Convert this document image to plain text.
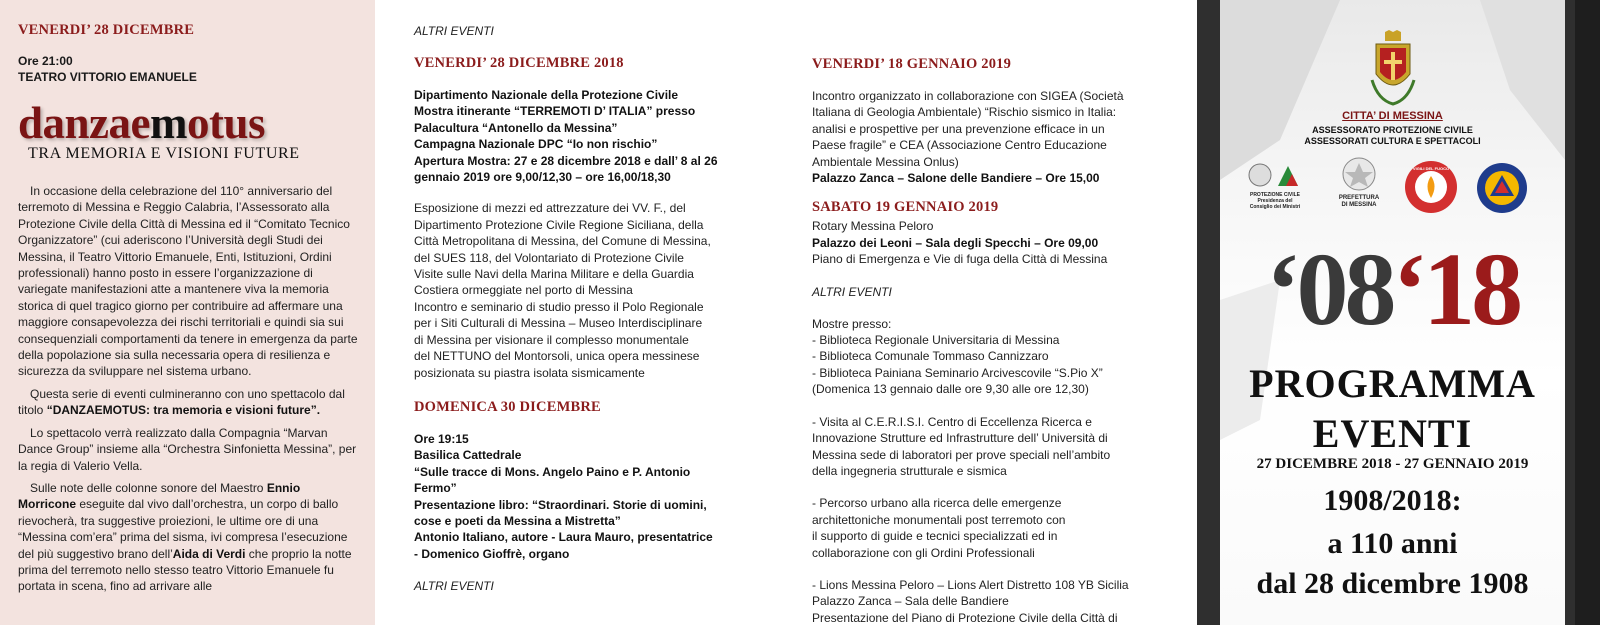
VENERDI’ 28 DICEMBRE
Ore 21:00
TEATRO VITTORIO EMANUELE
danzaemotus
TRA MEMORIA E VISIONI FUTURE

In occasione della celebrazione del 110° anniversario del terremoto di Messina e Reggio Calabria, l’Assessorato alla Protezione Civile della Città di Messina ed il “Comitato Tecnico Organizzatore” (cui aderiscono l’Università degli Studi dei Messina, il Teatro Vittorio Emanuele, Enti, Istituzioni, Ordini professionali) hanno posto in essere l’organizzazione di variegate manifestazioni atte a mantenere viva la memoria storica di quel tragico giorno per contribuire ad affermare una maggiore consapevolezza dei rischi territoriali e quindi sia sui consequenziali comportamenti da tenere in emergenza da parte della popolazione sia sulla necessaria opera di resilienza e sicurezza da sviluppare nel sistema urbano.

Questa serie di eventi culmineranno con uno spettacolo dal titolo “DANZAEMOTUS: tra memoria e visioni future”.

Lo spettacolo verrà realizzato dalla Compagnia “Marvan Dance Group” insieme alla “Orchestra Sinfonietta Messina”, per la regia di Valerio Vella.

Sulle note delle colonne sonore del Maestro Ennio Morricone eseguite dal vivo dall’orchestra, un corpo di ballo rievocherà, tra suggestive proiezioni, le ultime ore di una “Messina com’era” prima del sisma, ivi compresa l’esecuzione del più suggestivo brano dell’Aida di Verdi che proprio la notte prima del terremoto nello stesso teatro Vittorio Emanuele fu portata in scena, fino ad arrivare alle

ALTRI EVENTI
VENERDI’ 28 DICEMBRE 2018
Dipartimento Nazionale della Protezione Civile
Mostra itinerante “TERREMOTI D’ ITALIA” presso
Palacultura “Antonello da Messina”
Campagna Nazionale DPC “Io non rischio”
Apertura Mostra: 27 e 28 dicembre 2018 e dall’ 8 al 26
gennaio 2019 ore 9,00/12,30 – ore 16,00/18,30
Esposizione di mezzi ed attrezzature dei VV. F., del
Dipartimento Protezione Civile Regione Siciliana, della
Città Metropolitana di Messina, del Comune di Messina,
del SUES 118, del Volontariato di Protezione Civile
Visite sulle Navi della Marina Militare e della Guardia
Costiera ormeggiate nel porto di Messina
Incontro e seminario di studio presso il Polo Regionale
per i Siti Culturali di Messina – Museo Interdisciplinare
di Messina per visionare il complesso monumentale
del NETTUNO del Montorsoli, unica opera messinese
posizionata su piastra isolata sismicamente
DOMENICA 30 DICEMBRE
Ore 19:15
Basilica Cattedrale
“Sulle tracce di Mons. Angelo Paino e P. Antonio
Fermo”
Presentazione libro: “Straordinari. Storie di uomini,
cose e poeti da Messina a Mistretta”
Antonio Italiano, autore - Laura Mauro, presentatrice
- Domenico Gioffrè, organo
ALTRI EVENTI
VENERDI’ 18 GENNAIO 2019
Incontro organizzato in collaborazione con SIGEA (Società
Italiana di Geologia Ambientale) “Rischio sismico in Italia:
analisi e prospettive per una prevenzione efficace in un
Paese fragile” e CEA (Associazione Centro Educazione
Ambientale Messina Onlus)
Palazzo Zanca – Salone delle Bandiere – Ore 15,00
SABATO 19 GENNAIO 2019
Rotary Messina Peloro
Palazzo dei Leoni – Sala degli Specchi – Ore 09,00
Piano di Emergenza e Vie di fuga della Città di Messina
ALTRI EVENTI
Mostre presso:
- Biblioteca Regionale Universitaria di Messina
- Biblioteca Comunale Tommaso Cannizzaro
- Biblioteca Painiana Seminario Arcivescovile “S.Pio X”
(Domenica 13 gennaio dalle ore 9,30 alle ore 12,30)
- Visita al C.E.R.I.S.I. Centro di Eccellenza Ricerca e
Innovazione Strutture ed Infrastrutture dell’ Università di
Messina sede di laboratori per prove speciali nell’ambito
della ingegneria strutturale e sismica
- Percorso urbano alla ricerca delle emergenze
architettoniche monumentali post terremoto con
il supporto di guide e tecnici specializzati ed in
collaborazione con gli Ordini Professionali
- Lions Messina Peloro – Lions Alert Distretto 108 YB Sicilia
Palazzo Zanca – Sala delle Bandiere
Presentazione del Piano di Protezione Civile della Città di
CITTA’ DI MESSINA
ASSESSORATO PROTEZIONE CIVILE
ASSESSORATI CULTURA E SPETTACOLI
PROTEZIONE CIVILE
Presidenza del Consiglio dei Ministri
PREFETTURA
DI MESSINA
VIGILI DEL FUOCO
‘08‘18
PROGRAMMA
EVENTI
27 DICEMBRE 2018 - 27 GENNAIO 2019
1908/2018:
a 110 anni
dal 28 dicembre 1908
